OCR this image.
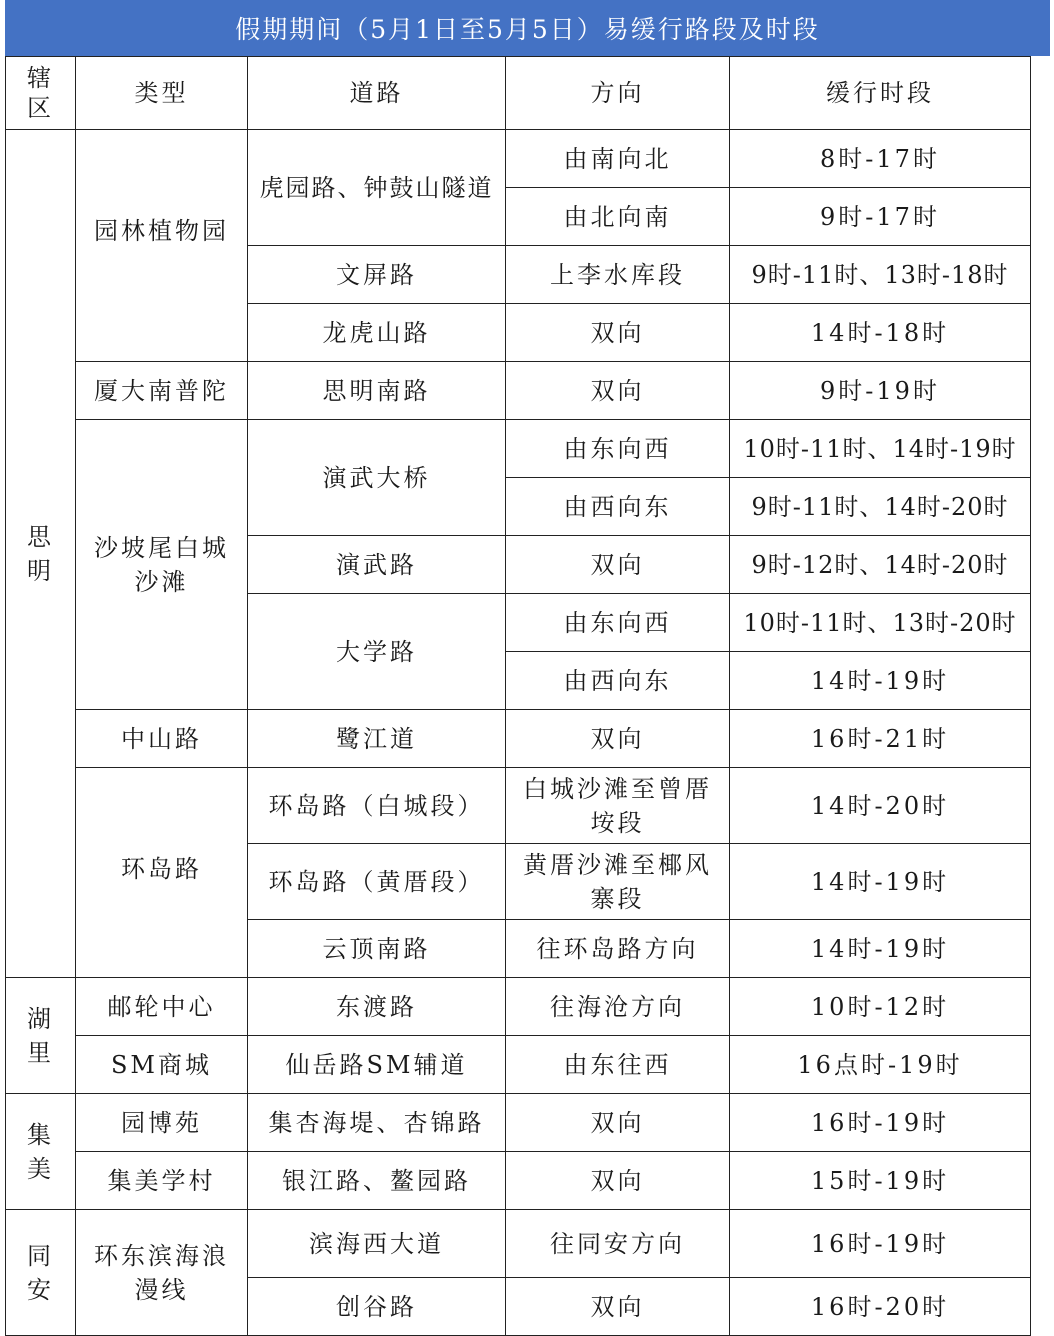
假期期间（5月1日至5月5日）易缓行路段及时段
辖区	类型	道路	方向	缓行时段
思明	园林植物园	虎园路、钟鼓山隧道	由南向北	8时-17时
			由北向南	9时-17时
		文屏路	上李水库段	9时-11时、13时-18时
		龙虎山路	双向	14时-18时
	厦大南普陀	思明南路	双向	9时-19时
	沙坡尾白城沙滩	演武大桥	由东向西	10时-11时、14时-19时
			由西向东	9时-11时、14时-20时
		演武路	双向	9时-12时、14时-20时
		大学路	由东向西	10时-11时、13时-20时
			由西向东	14时-19时
	中山路	鹭江道	双向	16时-21时
	环岛路	环岛路（白城段）	白城沙滩至曾厝垵段	14时-20时
		环岛路（黄厝段）	黄厝沙滩至椰风寨段	14时-19时
		云顶南路	往环岛路方向	14时-19时
湖里	邮轮中心	东渡路	往海沧方向	10时-12时
	SM商城	仙岳路SM辅道	由东往西	16点时-19时
集美	园博苑	集杏海堤、杏锦路	双向	16时-19时
	集美学村	银江路、鳌园路	双向	15时-19时
同安	环东滨海浪漫线	滨海西大道	往同安方向	16时-19时
		创谷路	双向	16时-20时
